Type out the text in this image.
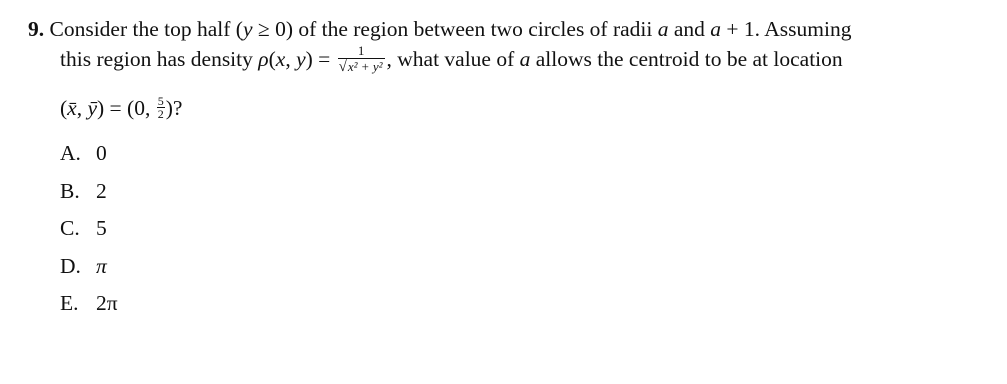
9. Consider the top half (y ≥ 0) of the region between two circles of radii a and a + 1. Assuming
this region has density ρ(x, $y) = \frac{1}{\text{√x² + y²}}$ , what value of a allows the centroid to be at location
(x̄, ȳ) = (0, $\frac{5}{2}$ )?
A. 0
B. 2
C. 5
D. π
E. 2π
